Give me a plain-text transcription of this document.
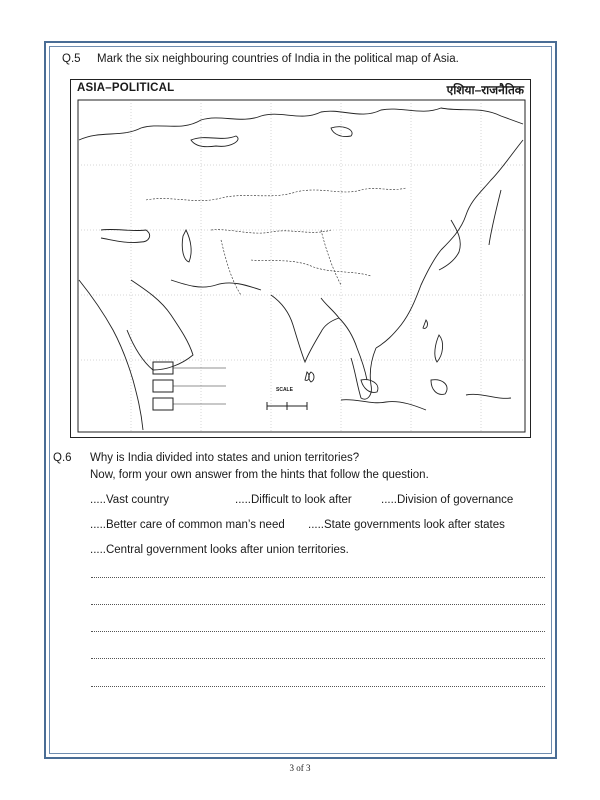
Q.5 Mark the six neighbouring countries of India in the political map of Asia.
ASIA–POLITICAL	एशिया–राजनैतिक
SCALE
Q.6 Why is India divided into states and union territories?
Now, form your own answer from the hints that follow the question.
.....Vast country	.....Difficult to look after	.....Division of governance
.....Better care of common man’s need .....State governments look after states
.....Central government looks after union territories.
3 of 3
